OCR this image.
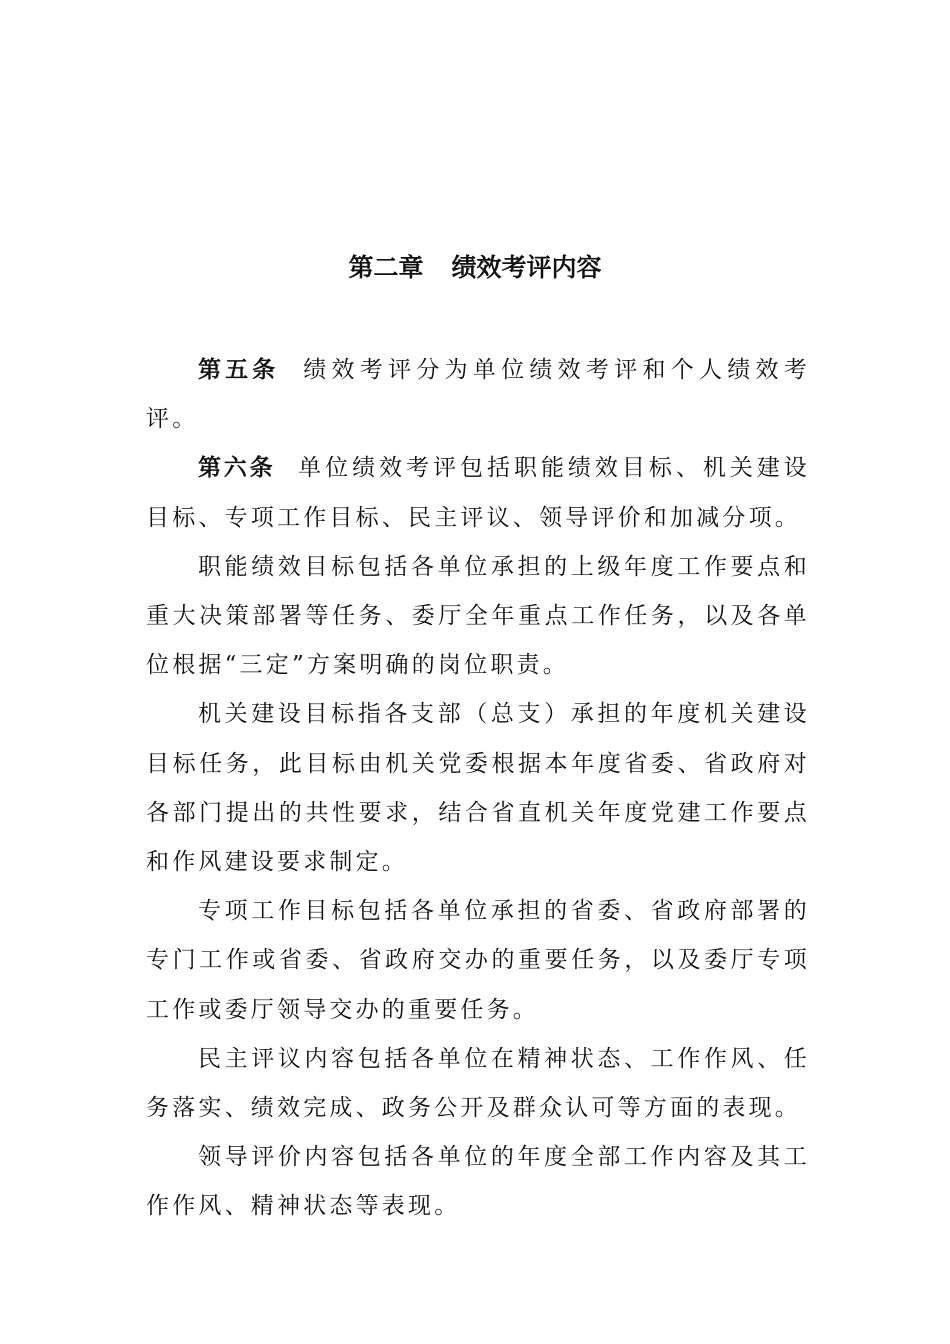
第二章 绩效考评内容

第五条 绩效考评分为单位绩效考评和个人绩效考评。

第六条 单位绩效考评包括职能绩效目标、机关建设目标、专项工作目标、民主评议、领导评价和加减分项。

职能绩效目标包括各单位承担的上级年度工作要点和重大决策部署等任务、委厅全年重点工作任务，以及各单位根据“三定”方案明确的岗位职责。

机关建设目标指各支部（总支）承担的年度机关建设目标任务，此目标由机关党委根据本年度省委、省政府对各部门提出的共性要求，结合省直机关年度党建工作要点和作风建设要求制定。

专项工作目标包括各单位承担的省委、省政府部署的专门工作或省委、省政府交办的重要任务，以及委厅专项工作或委厅领导交办的重要任务。

民主评议内容包括各单位在精神状态、工作作风、任务落实、绩效完成、政务公开及群众认可等方面的表现。

领导评价内容包括各单位的年度全部工作内容及其工作作风、精神状态等表现。
